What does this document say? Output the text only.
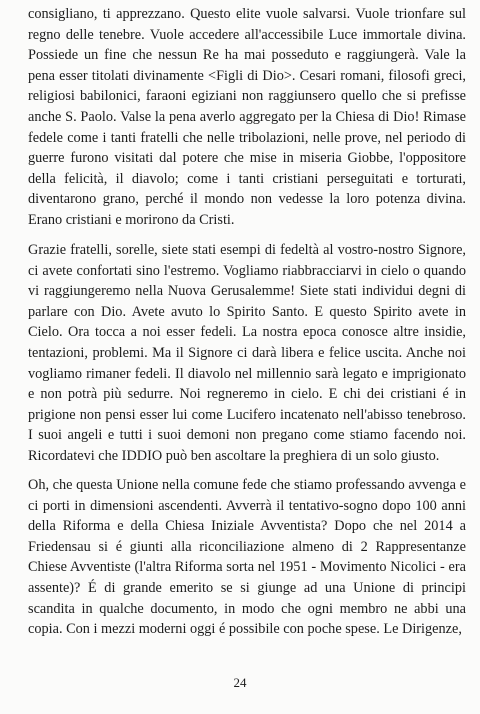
consigliano, ti apprezzano. Questo elite vuole salvarsi. Vuole trionfare sul regno delle tenebre. Vuole accedere all'accessibile Luce immortale divina. Possiede un fine che nessun Re ha mai posseduto e raggiungerà. Vale la pena esser titolati divinamente <Figli di Dio>. Cesari romani, filosofi greci, religiosi babilonici, faraoni egiziani non raggiunsero quello che si prefisse anche S. Paolo. Valse la pena averlo aggregato per la Chiesa di Dio! Rimase fedele come i tanti fratelli che nelle tribolazioni, nelle prove, nel periodo di guerre furono visitati dal potere che mise in miseria Giobbe, l'oppositore della felicità, il diavolo; come i tanti cristiani perseguitati e torturati, diventarono grano, perché il mondo non vedesse la loro potenza divina. Erano cristiani e morirono da Cristi.

Grazie fratelli, sorelle, siete stati esempi di fedeltà al vostro-nostro Signore, ci avete confortati sino l'estremo. Vogliamo riabbracciarvi in cielo o quando vi raggiungeremo nella Nuova Gerusalemme! Siete stati individui degni di parlare con Dio. Avete avuto lo Spirito Santo. E questo Spirito avete in Cielo. Ora tocca a noi esser fedeli. La nostra epoca conosce altre insidie, tentazioni, problemi. Ma il Signore ci darà libera e felice uscita. Anche noi vogliamo rimaner fedeli. Il diavolo nel millennio sarà legato e imprigionato e non potrà più sedurre. Noi regneremo in cielo. E chi dei cristiani é in prigione non pensi esser lui come Lucifero incatenato nell'abisso tenebroso. I suoi angeli e tutti i suoi demoni non pregano come stiamo facendo noi. Ricordatevi che IDDIO può ben ascoltare la preghiera di un solo giusto.

Oh, che questa Unione nella comune fede che stiamo professando avvenga e ci porti in dimensioni ascendenti. Avverrà il tentativo-sogno dopo 100 anni della Riforma e della Chiesa Iniziale Avventista? Dopo che nel 2014 a Friedensau si é giunti alla riconciliazione almeno di 2 Rappresentanze Chiese Avventiste (l'altra Riforma sorta nel 1951 - Movimento Nicolici - era assente)? É di grande emerito se si giunge ad una Unione di principi scandita in qualche documento, in modo che ogni membro ne abbi una copia. Con i mezzi moderni oggi é possibile con poche spese. Le Dirigenze,

24
